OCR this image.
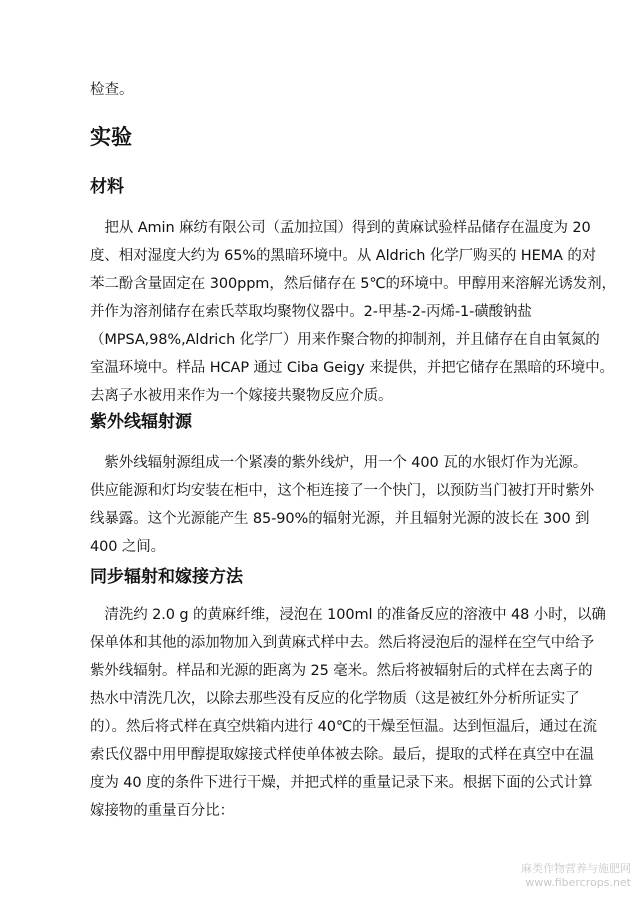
检查。

实验
材料

　把从 Amin 麻纺有限公司（孟加拉国）得到的黄麻试验样品储存在温度为 20
度、相对湿度大约为 65%的黑暗环境中。从 Aldrich 化学厂购买的 HEMA 的对
苯二酚含量固定在 300ppm，然后储存在 5℃的环境中。甲醇用来溶解光诱发剂，
并作为溶剂储存在索氏萃取均聚物仪器中。2-甲基-2-丙烯-1-磺酸钠盐
（MPSA,98%,Aldrich 化学厂）用来作聚合物的抑制剂，并且储存在自由氧氮的
室温环境中。样品 HCAP 通过 Ciba Geigy 来提供，并把它储存在黑暗的环境中。
去离子水被用来作为一个嫁接共聚物反应介质。

紫外线辐射源

　紫外线辐射源组成一个紧凑的紫外线炉，用一个 400 瓦的水银灯作为光源。
供应能源和灯均安装在柜中，这个柜连接了一个快门，以预防当门被打开时紫外
线暴露。这个光源能产生 85-90%的辐射光源，并且辐射光源的波长在 300 到
400 之间。

同步辐射和嫁接方法

　清洗约 2.0 g 的黄麻纤维，浸泡在 100ml 的准备反应的溶液中 48 小时，以确
保单体和其他的添加物加入到黄麻式样中去。然后将浸泡后的湿样在空气中给予
紫外线辐射。样品和光源的距离为 25 毫米。然后将被辐射后的式样在去离子的
热水中清洗几次，以除去那些没有反应的化学物质（这是被红外分析所证实了
的）。然后将式样在真空烘箱内进行 40℃的干燥至恒温。达到恒温后，通过在流
索氏仪器中用甲醇提取嫁接式样使单体被去除。最后，提取的式样在真空中在温
度为 40 度的条件下进行干燥，并把式样的重量记录下来。根据下面的公式计算
嫁接物的重量百分比：

麻类作物营养与施肥网
www.fibercrops.net
